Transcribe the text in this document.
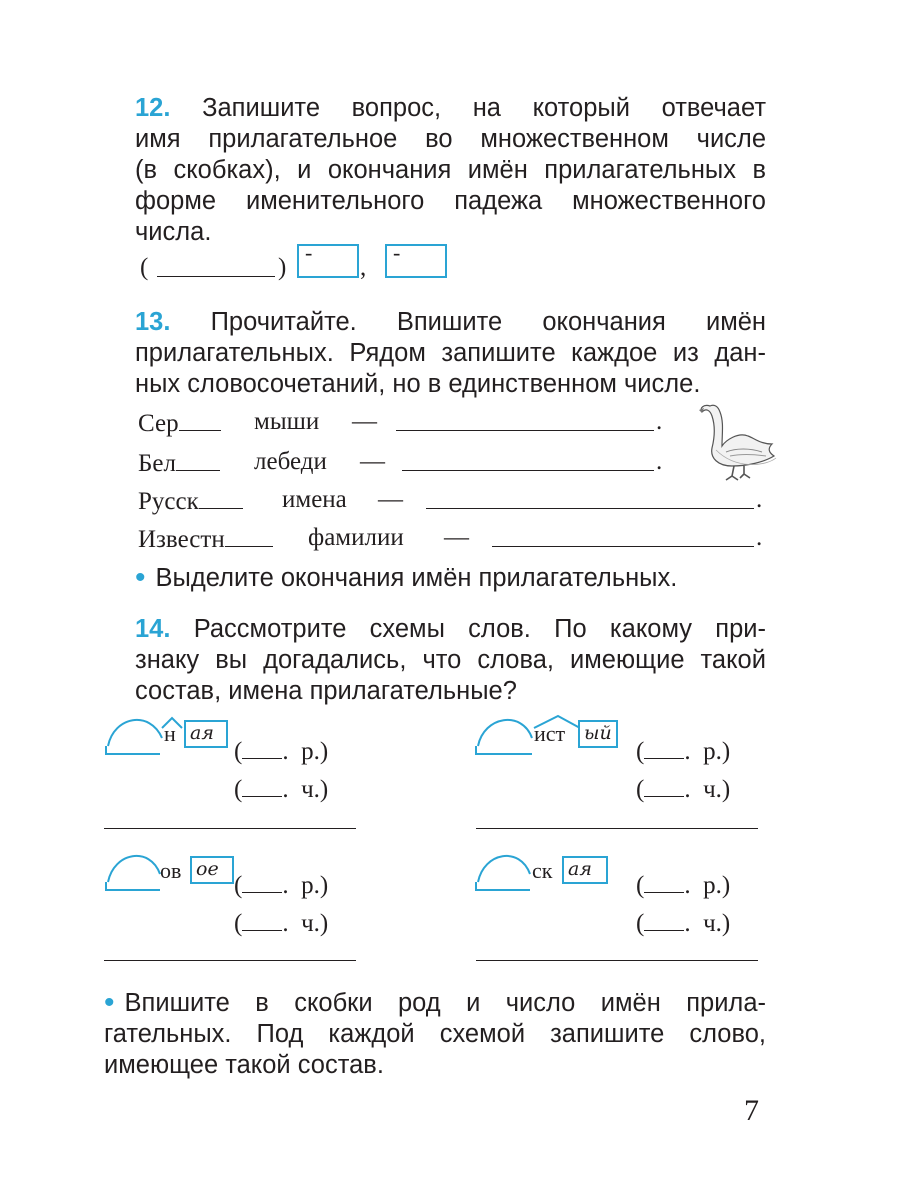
12. Запишите вопрос, на который отвечает
имя прилагательное во множественном числе
(в скобках), и окончания имён прилагательных в
форме именительного падежа множественного
числа.
(	)
-
,
-
13. Прочитайте. Впишите окончания имён
прилагательных. Рядом запишите каждое из дан-
ных словосочетаний, но в единственном числе.
Сер	мыши —	.
Бел	лебеди —	.
Русск	имена —	.
Известн	фамилии —	.
• Выделите окончания имён прилагательных.
14. Рассмотрите схемы слов. По какому при-
знаку вы догадались, что слова, имеющие такой
состав, имена прилагательные?
н ая
( .  р.)
( .  ч.)
ист ый
( .  р.)
( .  ч.)
ов ое
( .  р.)
( .  ч.)
ск ая
( .  р.)
( .  ч.)
• Впишите в скобки род и число имён прила-
гательных. Под каждой схемой запишите слово,
имеющее такой состав.
7
